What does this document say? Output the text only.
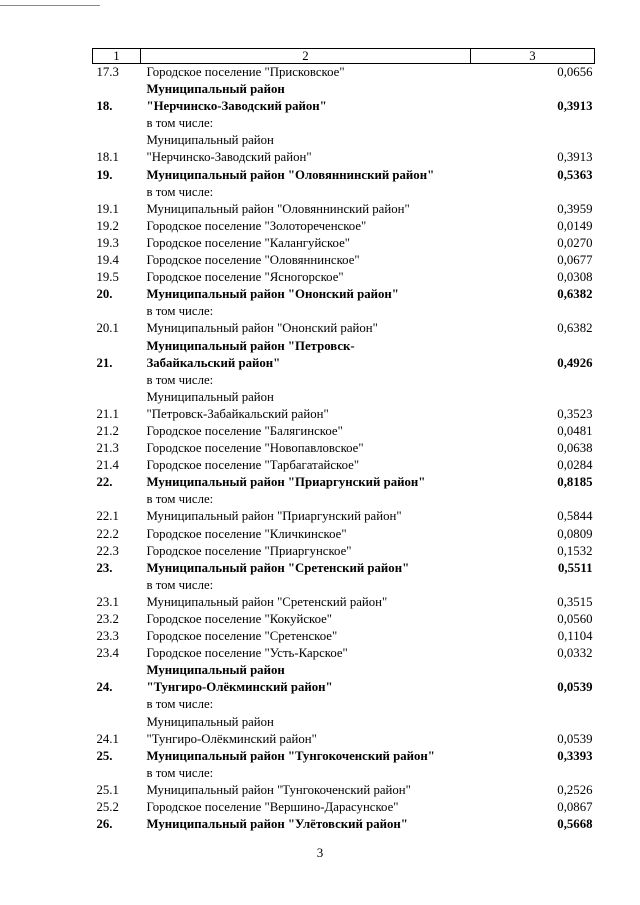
1	2	3
17.3	Городское поселение "Присковское"	0,0656
18.	Муниципальный район
"Нерчинско-Заводский район"	0,3913

	в том числе:	

18.1	Муниципальный район
"Нерчинско-Заводский район"	0,3913
19.	Муниципальный район "Оловяннинский район"	0,5363

	в том числе:	

19.1	Муниципальный район "Оловяннинский район"	0,3959
19.2	Городское поселение "Золотореченское"	0,0149
19.3	Городское поселение "Калангуйское"	0,0270
19.4	Городское поселение "Оловяннинское"	0,0677
19.5	Городское поселение "Ясногорское"	0,0308
20.	Муниципальный район "Ононский район"	0,6382

	в том числе:	

20.1	Муниципальный район "Ононский район"	0,6382
21.	Муниципальный район "Петровск-
Забайкальский район"	0,4926

	в том числе:	

21.1	Муниципальный район
"Петровск-Забайкальский район"	0,3523
21.2	Городское поселение "Балягинское"	0,0481
21.3	Городское поселение "Новопавловское"	0,0638
21.4	Городское поселение "Тарбагатайское"	0,0284
22.	Муниципальный район "Приаргунский район"	0,8185

	в том числе:	

22.1	Муниципальный район "Приаргунский район"	0,5844
22.2	Городское поселение "Кличкинское"	0,0809
22.3	Городское поселение "Приаргунское"	0,1532
23.	Муниципальный район "Сретенский район"	0,5511

	в том числе:	

23.1	Муниципальный район "Сретенский район"	0,3515
23.2	Городское поселение "Кокуйское"	0,0560
23.3	Городское поселение "Сретенское"	0,1104
23.4	Городское поселение "Усть-Карское"	0,0332
24.	Муниципальный район
"Тунгиро-Олёкминский район"	0,0539

	в том числе:	

24.1	Муниципальный район
"Тунгиро-Олёкминский район"	0,0539
25.	Муниципальный район "Тунгокоченский район"	0,3393

	в том числе:	

25.1	Муниципальный район "Тунгокоченский район"	0,2526
25.2	Городское поселение "Вершино-Дарасунское"	0,0867
26.	Муниципальный район "Улётовский район"	0,5668
3
